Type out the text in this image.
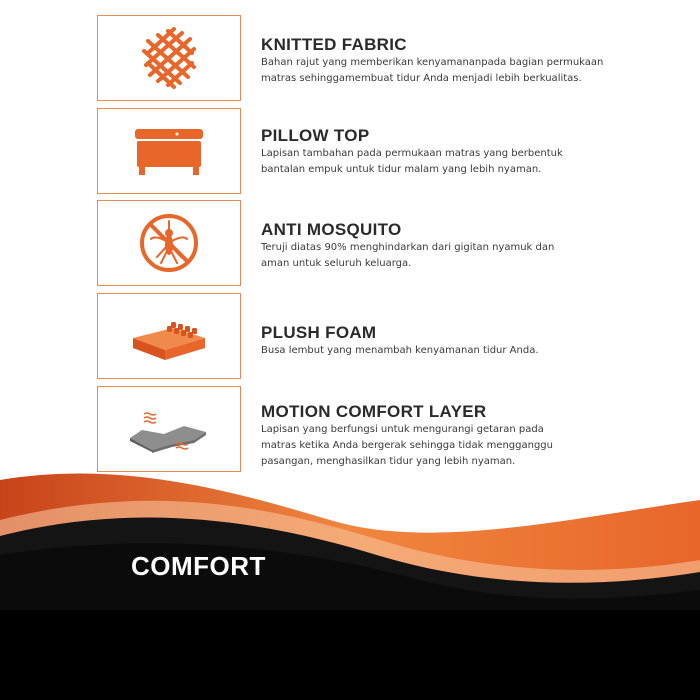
KNITTED FABRIC

Bahan rajut yang memberikan kenyamananpada bagian permukaan
matras sehinggamembuat tidur Anda menjadi lebih berkualitas.

PILLOW TOP

Lapisan tambahan pada permukaan matras yang berbentuk
bantalan empuk untuk tidur malam yang lebih nyaman.

ANTI MOSQUITO

Teruji diatas 90% menghindarkan dari gigitan nyamuk dan
aman untuk seluruh keluarga.

PLUSH FOAM

Busa lembut yang menambah kenyamanan tidur Anda.

MOTION COMFORT LAYER

Lapisan yang berfungsi untuk mengurangi getaran pada
matras ketika Anda bergerak sehingga tidak mengganggu
pasangan, menghasilkan tidur yang lebih nyaman.

COMFORT
